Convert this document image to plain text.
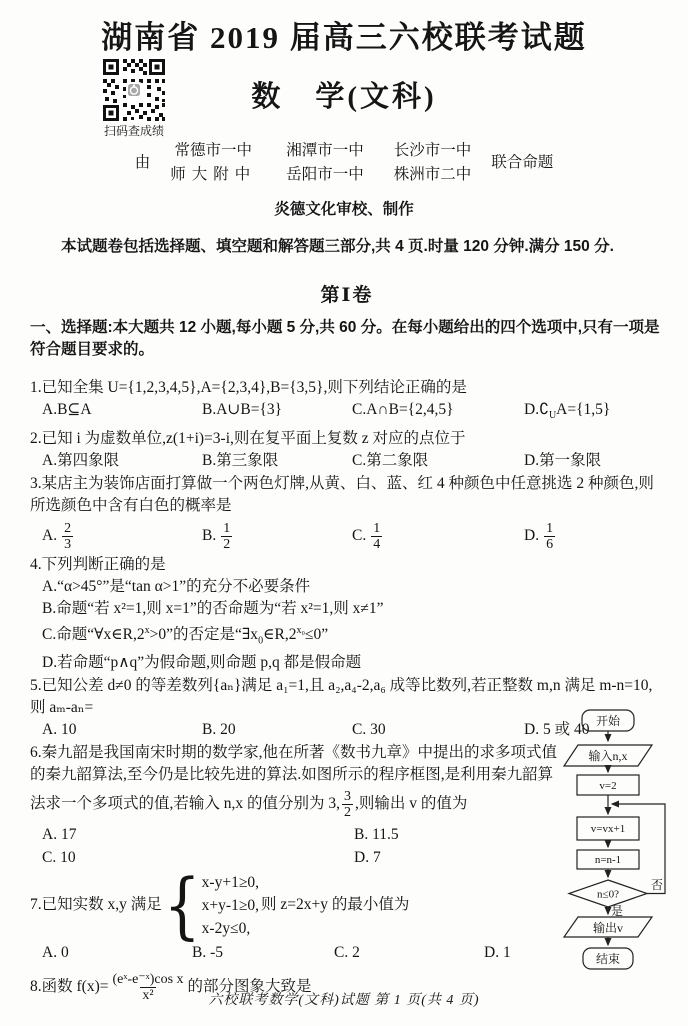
湖南省 2019 届高三六校联考试题
扫码查成绩
数　学(文科)
由
常德市一中 湘潭市一中 长沙市一中
师大附中 岳阳市一中 株洲市二中
联合命题
炎德文化审校、制作

本试题卷包括选择题、填空题和解答题三部分,共 4 页.时量 120 分钟.满分 150 分.

第Ⅰ卷

一、选择题:本大题共 12 小题,每小题 5 分,共 60 分。在每小题给出的四个选项中,只有一项是符合题目要求的。

1.已知全集 U={1,2,3,4,5},A={2,3,4},B={3,5},则下列结论正确的是

A.B⊆A	B.A∪B={3}	C.A∩B={2,4,5}	$D.∁_UA=\{1,5\}$

2.已知 i 为虚数单位,z(1+i)=3-i,则在复平面上复数 z 对应的点位于

A.第四象限	B.第三象限	C.第二象限	D.第一象限

3.某店主为装饰店面打算做一个两色灯牌,从黄、白、蓝、红 4 种颜色中任意挑选 2 种颜色,则所选颜色中含有白色的概率是

A. $\frac{2}{3}$	B. $\frac{1}{2}$	C. $\frac{1}{4}$	D. $\frac{1}{6}$

4.下列判断正确的是

A.“α>45°”是“tan α>1”的充分不必要条件

B.命题“若 x²=1,则 x=1”的否命题为“若 x²=1,则 x≠1”

C.命题“$\forall x\in R,2^x>0$”的否定是“$\exists x_0\in R,2^{x_0}\le 0$”

D.若命题“p∧q”为假命题,则命题 p,q 都是假命题

5.已知公差 d≠0 的等差数列{aₙ}满足 a₁=1,且 a₂,a₄-2,a₆ 成等比数列,若正整数 m,n 满足 m-n=10,则 aₘ-aₙ=

A. 10	B. 20	C. 30	D. 5 或 40

6.秦九韶是我国南宋时期的数学家,他在所著《数书九章》中提出的求多项式值的秦九韶算法,至今仍是比较先进的算法.如图所示的程序框图,是利用秦九韶算

法求一个多项式的值,若输入 n,x 的值分别为 3, $\frac{3}{2}$ ,则输出 v 的值为

A. 17	B. 11.5
C. 10	D. 7
7.已知实数 x,y 满足 { x-y+1≥0,
x+y-1≥0,
x-2y≤0,
则 z=2x+y 的最小值为
A. 0	B. -5	C. 2	D. 1
8.函数 $f(x)= \frac{\text{(eˣ-e⁻ˣ)cos x}}{\text{x²}}$ 的部分图象大致是
开始
输入n,x
v=2
v=vx+1
n=n-1
n≤0?
否
是
输出v
结束
六校联考数学(文科)试题 第 1 页(共 4 页)
